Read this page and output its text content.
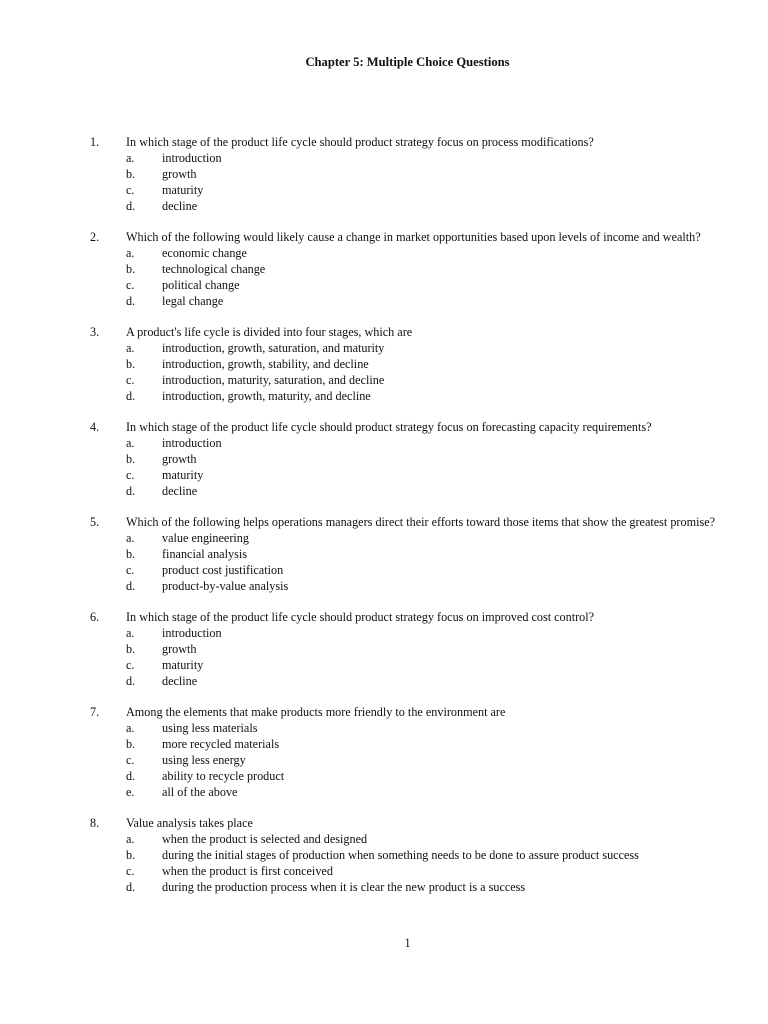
Chapter 5: Multiple Choice Questions
1. In which stage of the product life cycle should product strategy focus on process modifications?
a. introduction
b. growth
c. maturity
d. decline
2. Which of the following would likely cause a change in market opportunities based upon levels of income and wealth?
a. economic change
b. technological change
c. political change
d. legal change
3. A product's life cycle is divided into four stages, which are
a. introduction, growth, saturation, and maturity
b. introduction, growth, stability, and decline
c. introduction, maturity, saturation, and decline
d. introduction, growth, maturity, and decline
4. In which stage of the product life cycle should product strategy focus on forecasting capacity requirements?
a. introduction
b. growth
c. maturity
d. decline
5. Which of the following helps operations managers direct their efforts toward those items that show the greatest promise?
a. value engineering
b. financial analysis
c. product cost justification
d. product-by-value analysis
6. In which stage of the product life cycle should product strategy focus on improved cost control?
a. introduction
b. growth
c. maturity
d. decline
7. Among the elements that make products more friendly to the environment are
a. using less materials
b. more recycled materials
c. using less energy
d. ability to recycle product
e. all of the above
8. Value analysis takes place
a. when the product is selected and designed
b. during the initial stages of production when something needs to be done to assure product success
c. when the product is first conceived
d. during the production process when it is clear the new product is a success
1
